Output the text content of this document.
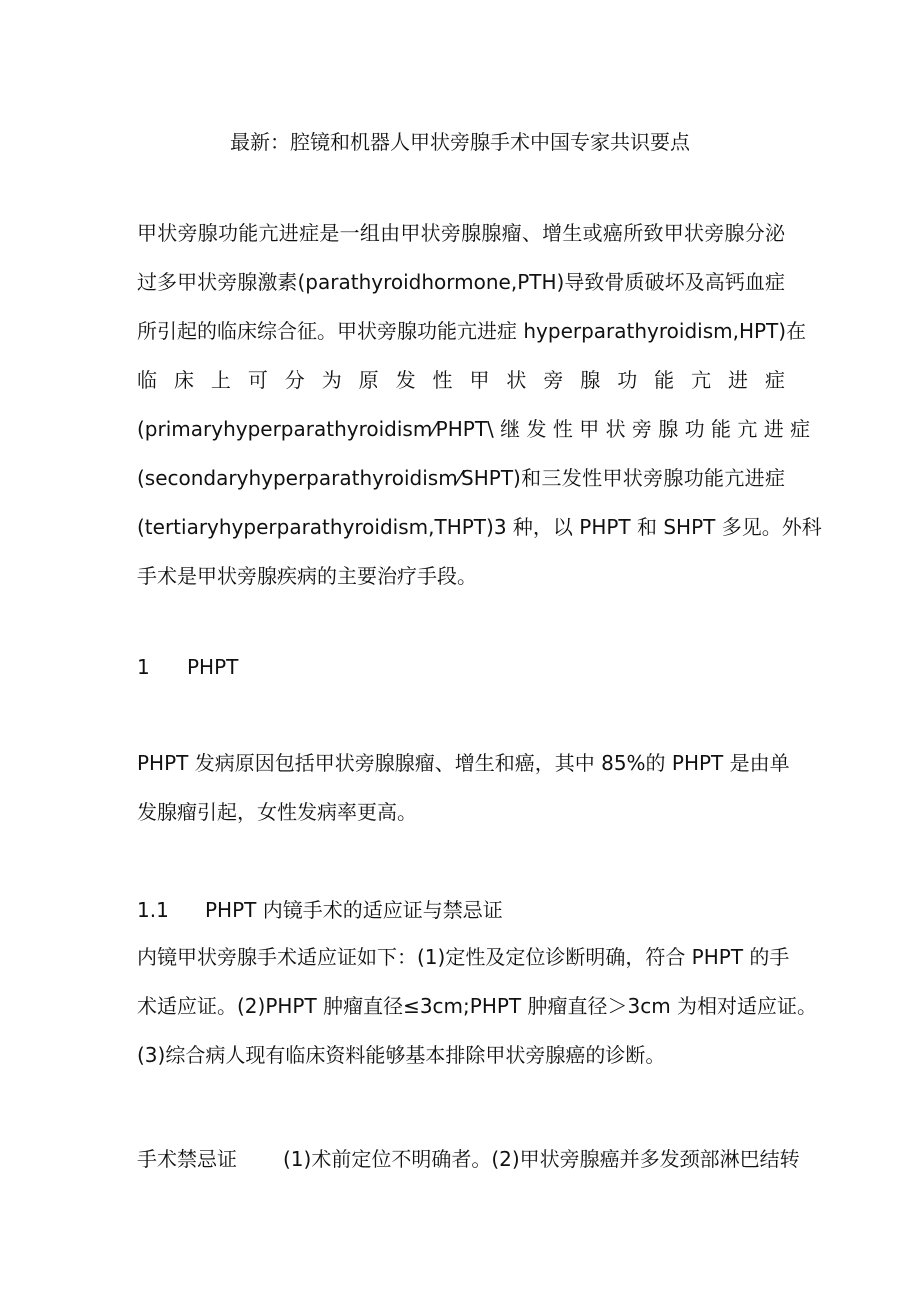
最新：腔镜和机器人甲状旁腺手术中国专家共识要点
甲状旁腺功能亢进症是一组由甲状旁腺腺瘤、增生或癌所致甲状旁腺分泌
过多甲状旁腺激素(parathyroidhormone,PTH)导致骨质破坏及高钙血症
所引起的临床综合征。甲状旁腺功能亢进症 hyperparathyroidism,HPT)在
临 床 上 可 分 为 原 发 性 甲 状 旁 腺 功 能 亢 进 症
(primaryhyperparathyroidism⁄PHPT\ 继 发 性 甲 状 旁 腺 功 能 亢 进 症
(secondaryhyperparathyroidism⁄SHPT)和三发性甲状旁腺功能亢进症
(tertiaryhyperparathyroidism,THPT)3 种，以 PHPT 和 SHPT 多见。外科
手术是甲状旁腺疾病的主要治疗手段。
1 PHPT
PHPT 发病原因包括甲状旁腺腺瘤、增生和癌，其中 85%的 PHPT 是由单
发腺瘤引起，女性发病率更高。
1.1 PHPT 内镜手术的适应证与禁忌证
内镜甲状旁腺手术适应证如下：(1)定性及定位诊断明确，符合 PHPT 的手
术适应证。(2)PHPT 肿瘤直径≤3cm;PHPT 肿瘤直径＞3cm 为相对适应证。
(3)综合病人现有临床资料能够基本排除甲状旁腺癌的诊断。
手术禁忌证 (1)术前定位不明确者。(2)甲状旁腺癌并多发颈部淋巴结转
